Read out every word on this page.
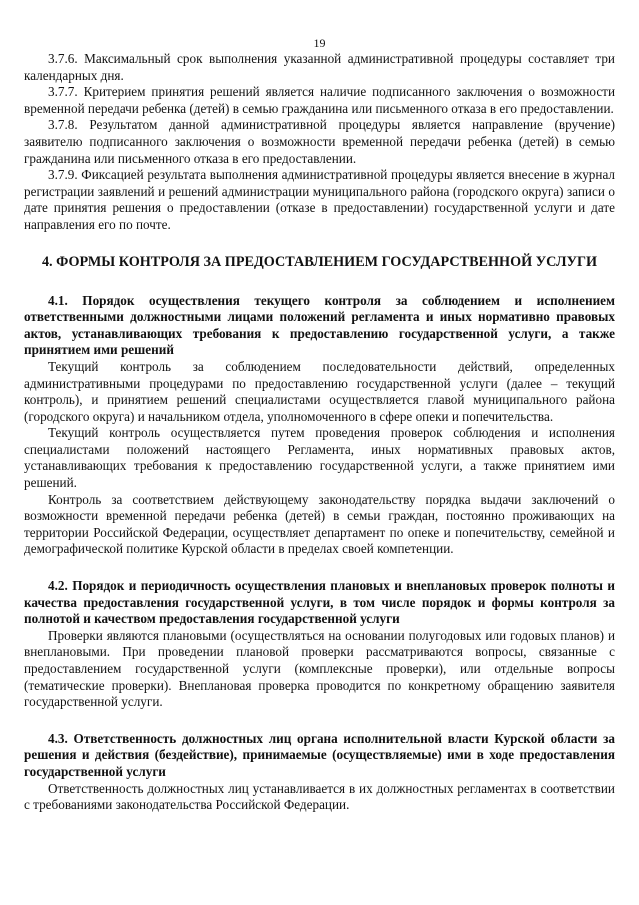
19

3.7.6. Максимальный срок выполнения указанной административной процедуры составляет три календарных дня.

3.7.7. Критерием принятия решений является наличие подписанного заключения о возможности временной передачи ребенка (детей) в семью гражданина или письменного отказа в его предоставлении.

3.7.8. Результатом данной административной процедуры является направление (вручение) заявителю подписанного заключения о возможности временной передачи ребенка (детей) в семью гражданина или письменного отказа в его предоставлении.

3.7.9. Фиксацией результата выполнения административной процедуры является внесение в журнал регистрации заявлений и решений администрации муниципального района (городского округа) записи о дате принятия решения о предоставлении (отказе в предоставлении) государственной услуги и дате направления его по почте.

4. ФОРМЫ КОНТРОЛЯ ЗА ПРЕДОСТАВЛЕНИЕМ ГОСУДАРСТВЕННОЙ УСЛУГИ

4.1. Порядок осуществления текущего контроля за соблюдением и исполнением ответственными должностными лицами положений регламента и иных нормативно правовых актов, устанавливающих требования к предоставлению государственной услуги, а также принятием ими решений

Текущий контроль за соблюдением последовательности действий, определенных административными процедурами по предоставлению государственной услуги (далее – текущий контроль), и принятием решений специалистами осуществляется главой муниципального района (городского округа) и начальником отдела, уполномоченного в сфере опеки и попечительства.

Текущий контроль осуществляется путем проведения проверок соблюдения и исполнения специалистами положений настоящего Регламента, иных нормативных правовых актов, устанавливающих требования к предоставлению государственной услуги, а также принятием ими решений.

Контроль за соответствием действующему законодательству порядка выдачи заключений о возможности временной передачи ребенка (детей) в семьи граждан, постоянно проживающих на территории Российской Федерации, осуществляет департамент по опеке и попечительству, семейной и демографической политике Курской области в пределах своей компетенции.

4.2. Порядок и периодичность осуществления плановых и внеплановых проверок полноты и качества предоставления государственной услуги, в том числе порядок и формы контроля за полнотой и качеством предоставления государственной услуги

Проверки являются плановыми (осуществляться на основании полугодовых или годовых планов) и внеплановыми. При проведении плановой проверки рассматриваются вопросы, связанные с предоставлением государственной услуги (комплексные проверки), или отдельные вопросы (тематические проверки). Внеплановая проверка проводится по конкретному обращению заявителя государственной услуги.

4.3. Ответственность должностных лиц органа исполнительной власти Курской области за решения и действия (бездействие), принимаемые (осуществляемые) ими в ходе предоставления государственной услуги

Ответственность должностных лиц устанавливается в их должностных регламентах в соответствии с требованиями законодательства Российской Федерации.
